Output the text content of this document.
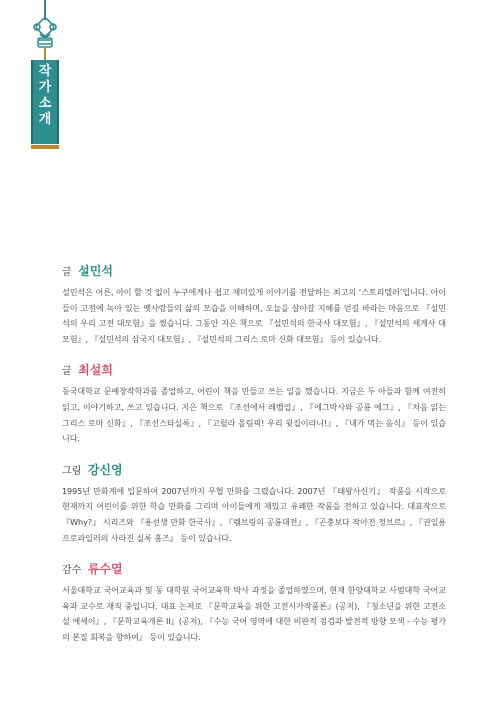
작
가
소
개

글 설민석

설민석은 어른, 아이 할 것 없이 누구에게나 쉽고 재미있게 이야기를 전달하는 최고의 ‘스토리텔러’입니다. 아이들이 고전에 녹아 있는 옛사람들의 삶의 모습을 이해하며, 오늘을 살아갈 지혜를 얻길 바라는 마음으로 『설민석의 우리 고전 대모험』을 썼습니다. 그동안 지은 책으로 『설민석의 한국사 대모험』, 『설민석의 세계사 대모험』, 『설민석의 삼국지 대모험』, 『설민석의 그리스 로마 신화 대모험』 등이 있습니다.

글 최설희

동국대학교 문예창작학과를 졸업하고, 어린이 책을 만들고 쓰는 일을 했습니다. 지금은 두 아들과 함께 여전히 읽고, 이야기하고, 쓰고 있습니다. 지은 책으로 『조선에서 레벨업』, 『에그박사와 공룡 에그』, 『처음 읽는 그리스 로마 신화』, 『조선스타실록』, 『고릴라 올림픽! 우리 윗집이라니!』, 『내가 먹는 음식』 등이 있습니다.

그림 강신영

1995년 만화계에 입문하여 2007년까지 무협 만화를 그렸습니다. 2007년 『태왕사신기』 작품을 시작으로 현재까지 어린이를 위한 학습 만화를 그리며 아이들에게 재밌고 유쾌한 작품을 전하고 있습니다. 대표작으로 『Why?』 시리즈와 『용선생 만화 한국사』, 『렘브링의 공룡대전』, 『곤충보다 작아진 정브르』, 『권일용 프로파일러의 사라진 실록 홈즈』 등이 있습니다.

감수 류수열

서울대학교 국어교육과 및 동 대학원 국어교육학 박사 과정을 졸업하였으며, 현재 한양대학교 사범대학 국어교육과 교수로 재직 중입니다. 대표 논저로 『문학교육을 위한 고전시가작품론』(공저), 『청소년을 위한 고전소설 에세이』, 『문학교육개론 II』(공저), 『수능 국어 영역에 대한 비판적 점검과 발전적 방향 모색 - 수능 평가의 본질 회복을 향하여』 등이 있습니다.
